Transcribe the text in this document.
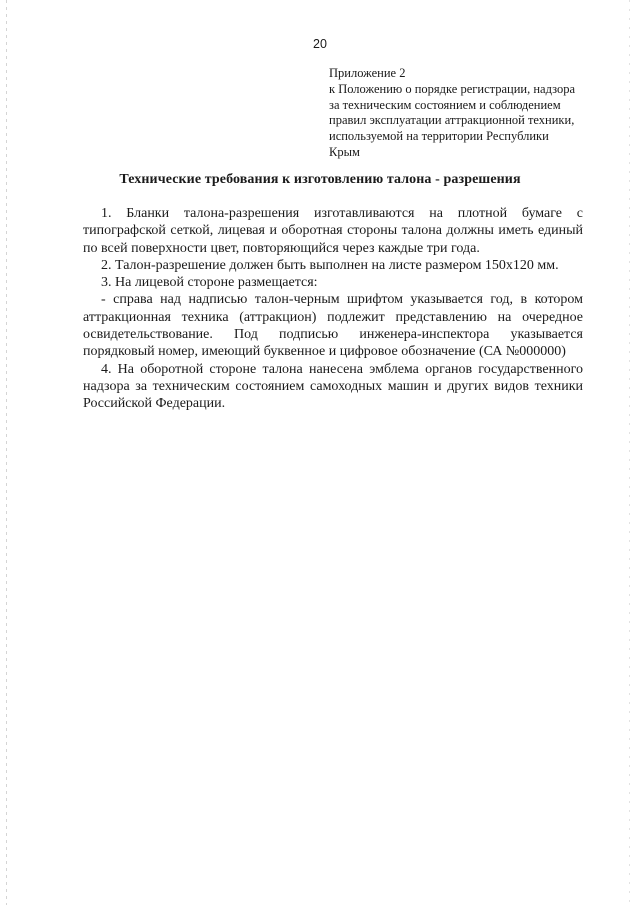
20
Приложение 2
к Положению о порядке регистрации, надзора
за техническим состоянием и соблюдением
правил эксплуатации аттракционной техники,
используемой на территории Республики
Крым
Технические требования к изготовлению талона - разрешения

1. Бланки талона-разрешения изготавливаются на плотной бумаге с типографской сеткой, лицевая и оборотная стороны талона должны иметь единый по всей поверхности цвет, повторяющийся через каждые три года.

2. Талон-разрешение должен быть выполнен на листе размером 150х120 мм.

3. На лицевой стороне размещается:

- справа над надписью талон-черным шрифтом указывается год, в котором аттракционная техника (аттракцион) подлежит представлению на очередное освидетельствование. Под подписью инженера-инспектора указывается порядковый номер, имеющий буквенное и цифровое обозначение (СА №000000)

4. На оборотной стороне талона нанесена эмблема органов государственного надзора за техническим состоянием самоходных машин и других видов техники Российской Федерации.
